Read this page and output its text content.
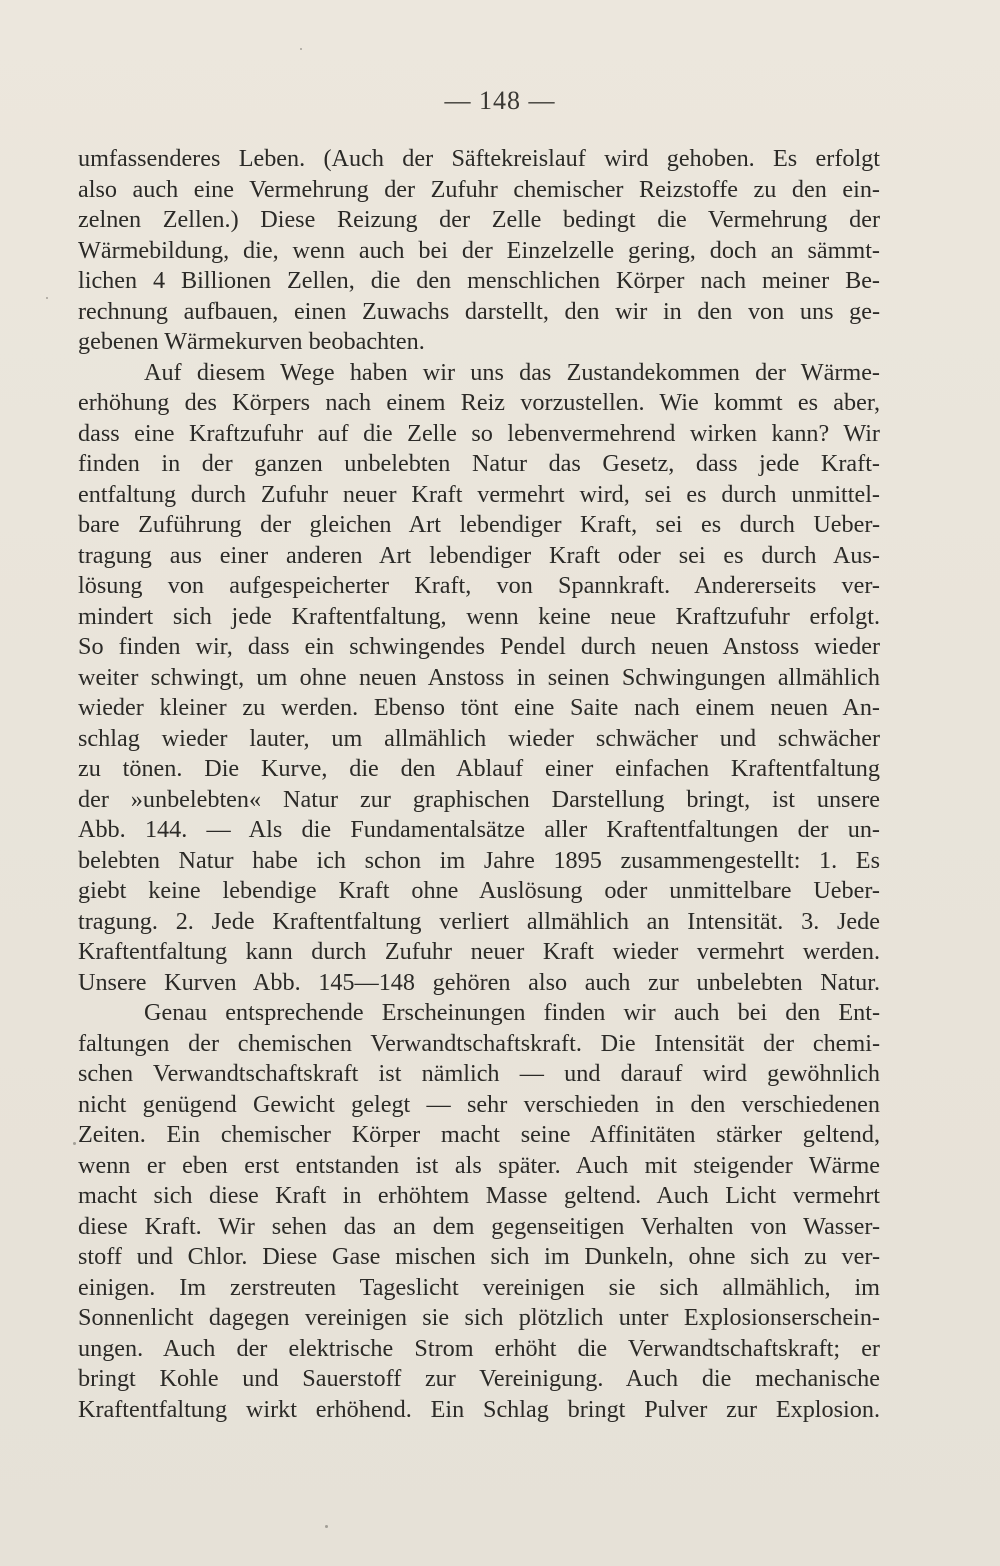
— 148 —
umfassenderes Leben. (Auch der Säftekreislauf wird gehoben. Es erfolgt
also auch eine Vermehrung der Zufuhr chemischer Reizstoffe zu den ein-
zelnen Zellen.) Diese Reizung der Zelle bedingt die Vermehrung der
Wärmebildung, die, wenn auch bei der Einzelzelle gering, doch an sämmt-
lichen 4 Billionen Zellen, die den menschlichen Körper nach meiner Be-
rechnung aufbauen, einen Zuwachs darstellt, den wir in den von uns ge-
gebenen Wärmekurven beobachten.
Auf diesem Wege haben wir uns das Zustandekommen der Wärme-
erhöhung des Körpers nach einem Reiz vorzustellen. Wie kommt es aber,
dass eine Kraftzufuhr auf die Zelle so lebenvermehrend wirken kann? Wir
finden in der ganzen unbelebten Natur das Gesetz, dass jede Kraft-
entfaltung durch Zufuhr neuer Kraft vermehrt wird, sei es durch unmittel-
bare Zuführung der gleichen Art lebendiger Kraft, sei es durch Ueber-
tragung aus einer anderen Art lebendiger Kraft oder sei es durch Aus-
lösung von aufgespeicherter Kraft, von Spannkraft. Andererseits ver-
mindert sich jede Kraftentfaltung, wenn keine neue Kraftzufuhr erfolgt.
So finden wir, dass ein schwingendes Pendel durch neuen Anstoss wieder
weiter schwingt, um ohne neuen Anstoss in seinen Schwingungen allmählich
wieder kleiner zu werden. Ebenso tönt eine Saite nach einem neuen An-
schlag wieder lauter, um allmählich wieder schwächer und schwächer
zu tönen. Die Kurve, die den Ablauf einer einfachen Kraftentfaltung
der »unbelebten« Natur zur graphischen Darstellung bringt, ist unsere
Abb. 144. — Als die Fundamentalsätze aller Kraftentfaltungen der un-
belebten Natur habe ich schon im Jahre 1895 zusammengestellt: 1. Es
giebt keine lebendige Kraft ohne Auslösung oder unmittelbare Ueber-
tragung. 2. Jede Kraftentfaltung verliert allmählich an Intensität. 3. Jede
Kraftentfaltung kann durch Zufuhr neuer Kraft wieder vermehrt werden.
Unsere Kurven Abb. 145—148 gehören also auch zur unbelebten Natur.
Genau entsprechende Erscheinungen finden wir auch bei den Ent-
faltungen der chemischen Verwandtschaftskraft. Die Intensität der chemi-
schen Verwandtschaftskraft ist nämlich — und darauf wird gewöhnlich
nicht genügend Gewicht gelegt — sehr verschieden in den verschiedenen
Zeiten. Ein chemischer Körper macht seine Affinitäten stärker geltend,
wenn er eben erst entstanden ist als später. Auch mit steigender Wärme
macht sich diese Kraft in erhöhtem Masse geltend. Auch Licht vermehrt
diese Kraft. Wir sehen das an dem gegenseitigen Verhalten von Wasser-
stoff und Chlor. Diese Gase mischen sich im Dunkeln, ohne sich zu ver-
einigen. Im zerstreuten Tageslicht vereinigen sie sich allmählich, im
Sonnenlicht dagegen vereinigen sie sich plötzlich unter Explosionserschein-
ungen. Auch der elektrische Strom erhöht die Verwandtschaftskraft; er
bringt Kohle und Sauerstoff zur Vereinigung. Auch die mechanische
Kraftentfaltung wirkt erhöhend. Ein Schlag bringt Pulver zur Explosion.
